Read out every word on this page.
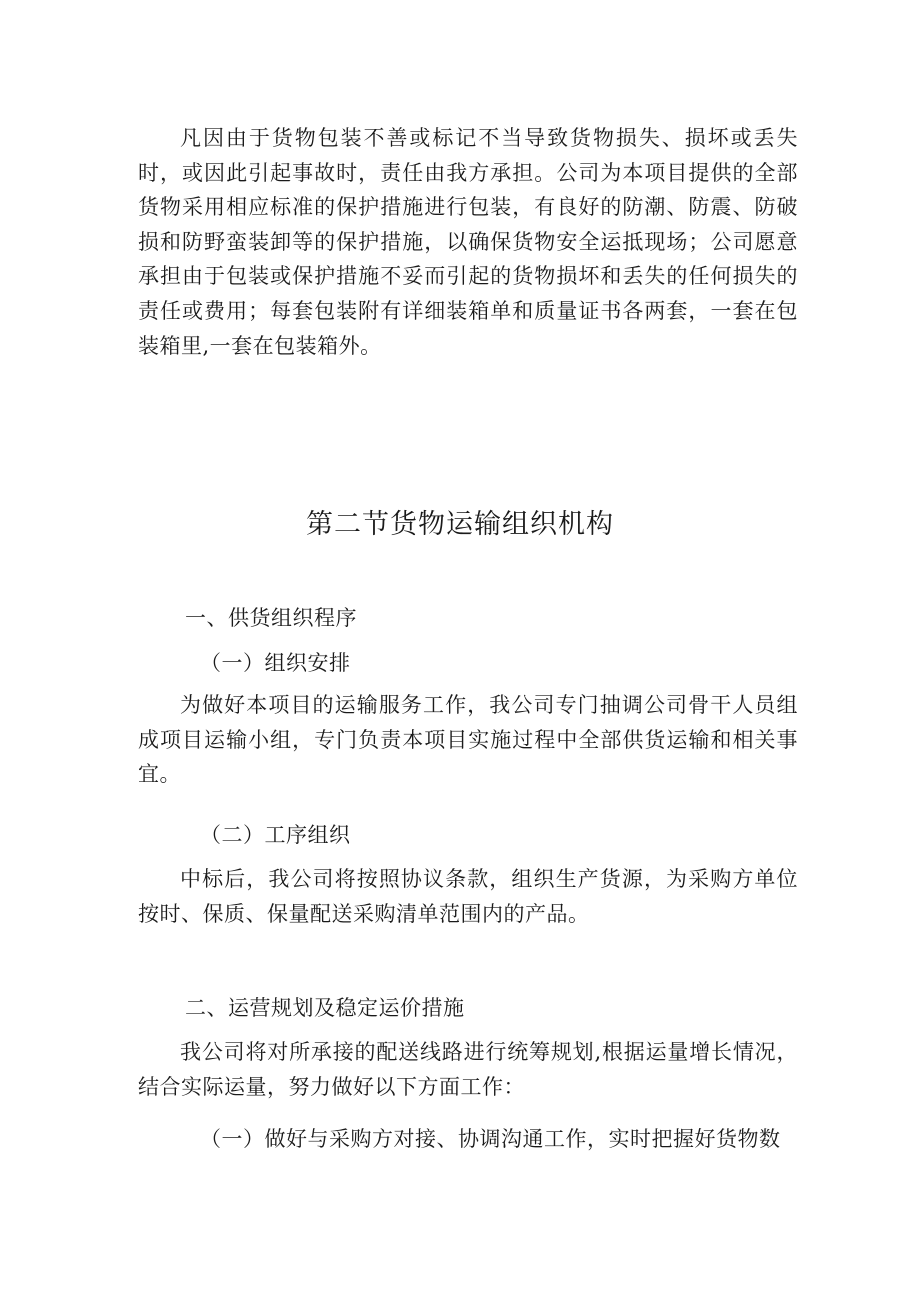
凡因由于货物包装不善或标记不当导致货物损失、损坏或丢失时，或因此引起事故时，责任由我方承担。公司为本项目提供的全部货物采用相应标准的保护措施进行包装，有良好的防潮、防震、防破损和防野蛮装卸等的保护措施，以确保货物安全运抵现场；公司愿意承担由于包装或保护措施不妥而引起的货物损坏和丢失的任何损失的责任或费用；每套包装附有详细装箱单和质量证书各两套，一套在包装箱里,一套在包装箱外。

第二节货物运输组织机构

一、供货组织程序

（一）组织安排

为做好本项目的运输服务工作，我公司专门抽调公司骨干人员组成项目运输小组，专门负责本项目实施过程中全部供货运输和相关事宜。

（二）工序组织

中标后，我公司将按照协议条款，组织生产货源，为采购方单位按时、保质、保量配送采购清单范围内的产品。

二、运营规划及稳定运价措施

我公司将对所承接的配送线路进行统筹规划,根据运量增长情况，结合实际运量，努力做好以下方面工作：

（一）做好与采购方对接、协调沟通工作，实时把握好货物数
